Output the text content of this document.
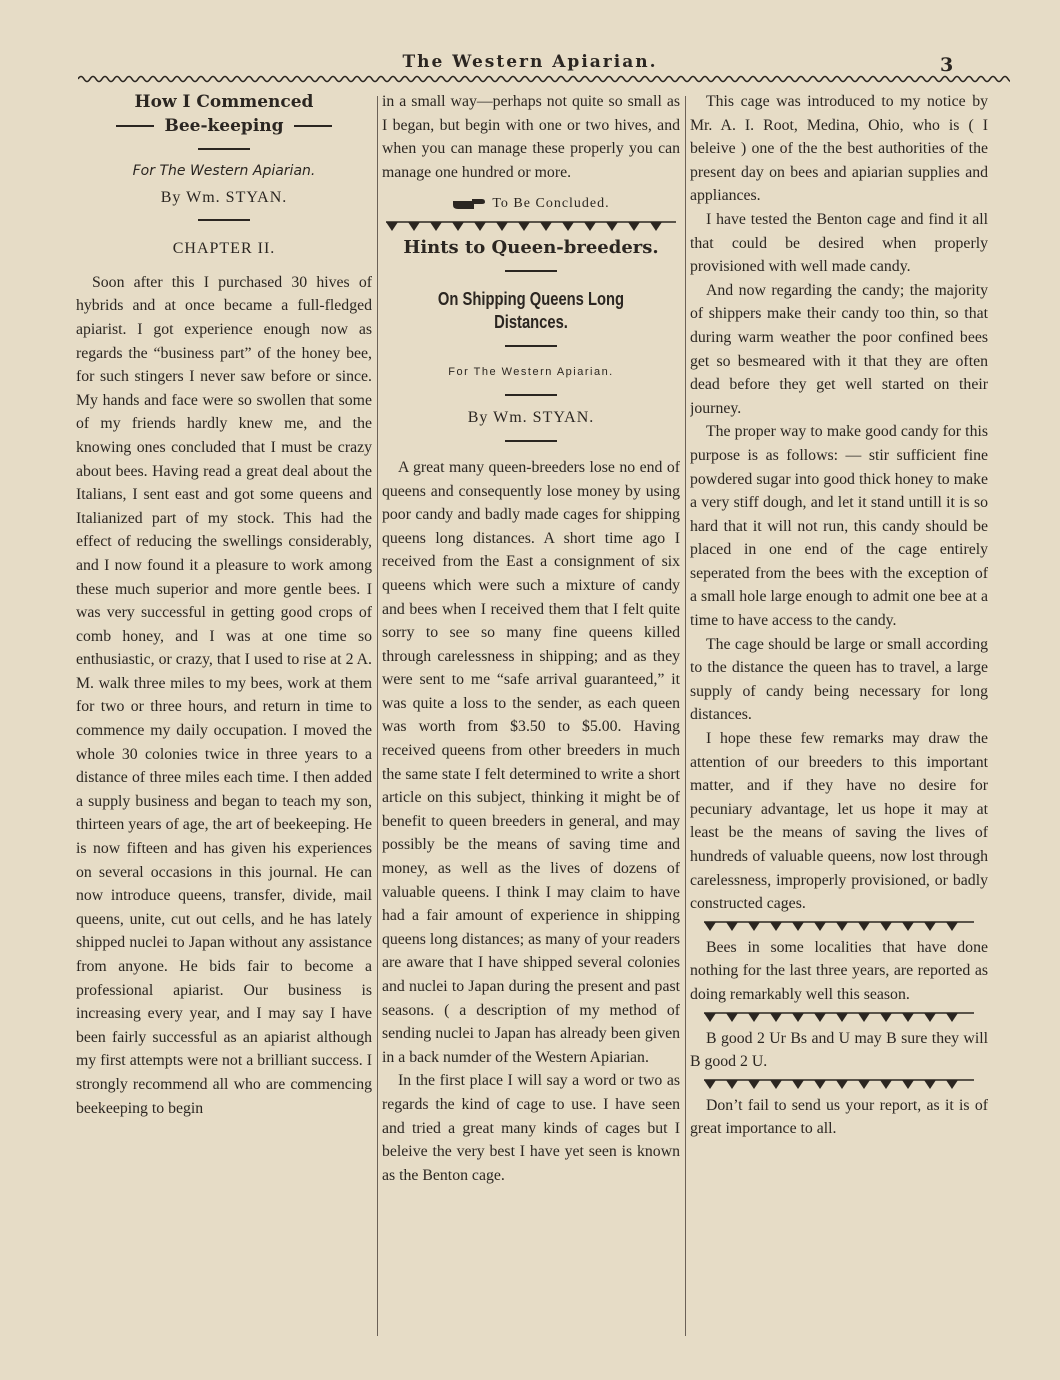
The Western Apiarian.	3
How I Commenced
Bee-keeping
For The Western Apiarian.

By Wm. STYAN.

CHAPTER II.

Soon after this I purchased 30 hives of hybrids and at once became a full-fledged apiarist. I got experience enough now as regards the “business part” of the honey bee, for such stingers I never saw before or since. My hands and face were so swollen that some of my friends hardly knew me, and the knowing ones concluded that I must be crazy about bees. Having read a great deal about the Italians, I sent east and got some queens and Italianized part of my stock. This had the effect of reducing the swellings considerably, and I now found it a pleasure to work among these much superior and more gentle bees. I was very successful in getting good crops of comb honey, and I was at one time so enthusiastic, or crazy, that I used to rise at 2 A. M. walk three miles to my bees, work at them for two or three hours, and return in time to commence my daily occupation. I moved the whole 30 colonies twice in three years to a distance of three miles each time. I then added a supply business and began to teach my son, thirteen years of age, the art of beekeeping. He is now fifteen and has given his experiences on several occasions in this journal. He can now introduce queens, transfer, divide, mail queens, unite, cut out cells, and he has lately shipped nuclei to Japan without any assistance from anyone. He bids fair to become a professional apiarist. Our business is increasing every year, and I may say I have been fairly successful as an apiarist although my first attempts were not a brilliant success. I strongly recommend all who are commencing beekeeping to begin

in a small way—perhaps not quite so small as I began, but begin with one or two hives, and when you can manage these properly you can manage one hundred or more.

To Be Concluded.
Hints to Queen-breeders.
On Shipping Queens Long Distances.
For The Western Apiarian.

By Wm. STYAN.

A great many queen-breeders lose no end of queens and consequently lose money by using poor candy and badly made cages for shipping queens long distances. A short time ago I received from the East a consignment of six queens which were such a mixture of candy and bees when I received them that I felt quite sorry to see so many fine queens killed through carelessness in shipping; and as they were sent to me “safe arrival guaranteed,” it was quite a loss to the sender, as each queen was worth from $3.50 to $5.00. Having received queens from other breeders in much the same state I felt determined to write a short article on this subject, thinking it might be of benefit to queen breeders in general, and may possibly be the means of saving time and money, as well as the lives of dozens of valuable queens. I think I may claim to have had a fair amount of experience in shipping queens long distances; as many of your readers are aware that I have shipped several colonies and nuclei to Japan during the present and past seasons. ( a description of my method of sending nuclei to Japan has already been given in a back numder of the Western Apiarian.

In the first place I will say a word or two as regards the kind of cage to use. I have seen and tried a great many kinds of cages but I beleive the very best I have yet seen is known as the Benton cage.

This cage was introduced to my notice by Mr. A. I. Root, Medina, Ohio, who is ( I beleive ) one of the the best authorities of the present day on bees and apiarian supplies and appliances.

I have tested the Benton cage and find it all that could be desired when properly provisioned with well made candy.

And now regarding the candy; the majority of shippers make their candy too thin, so that during warm weather the poor confined bees get so besmeared with it that they are often dead before they get well started on their journey.

The proper way to make good candy for this purpose is as follows: — stir sufficient fine powdered sugar into good thick honey to make a very stiff dough, and let it stand untill it is so hard that it will not run, this candy should be placed in one end of the cage entirely seperated from the bees with the exception of a small hole large enough to admit one bee at a time to have access to the candy.

The cage should be large or small according to the distance the queen has to travel, a large supply of candy being necessary for long distances.

I hope these few remarks may draw the attention of our breeders to this important matter, and if they have no desire for pecuniary advantage, let us hope it may at least be the means of saving the lives of hundreds of valuable queens, now lost through carelessness, improperly provisioned, or badly constructed cages.

Bees in some localities that have done nothing for the last three years, are reported as doing remarkably well this season.

B good 2 Ur Bs and U may B sure they will B good 2 U.

Don’t fail to send us your report, as it is of great importance to all.
